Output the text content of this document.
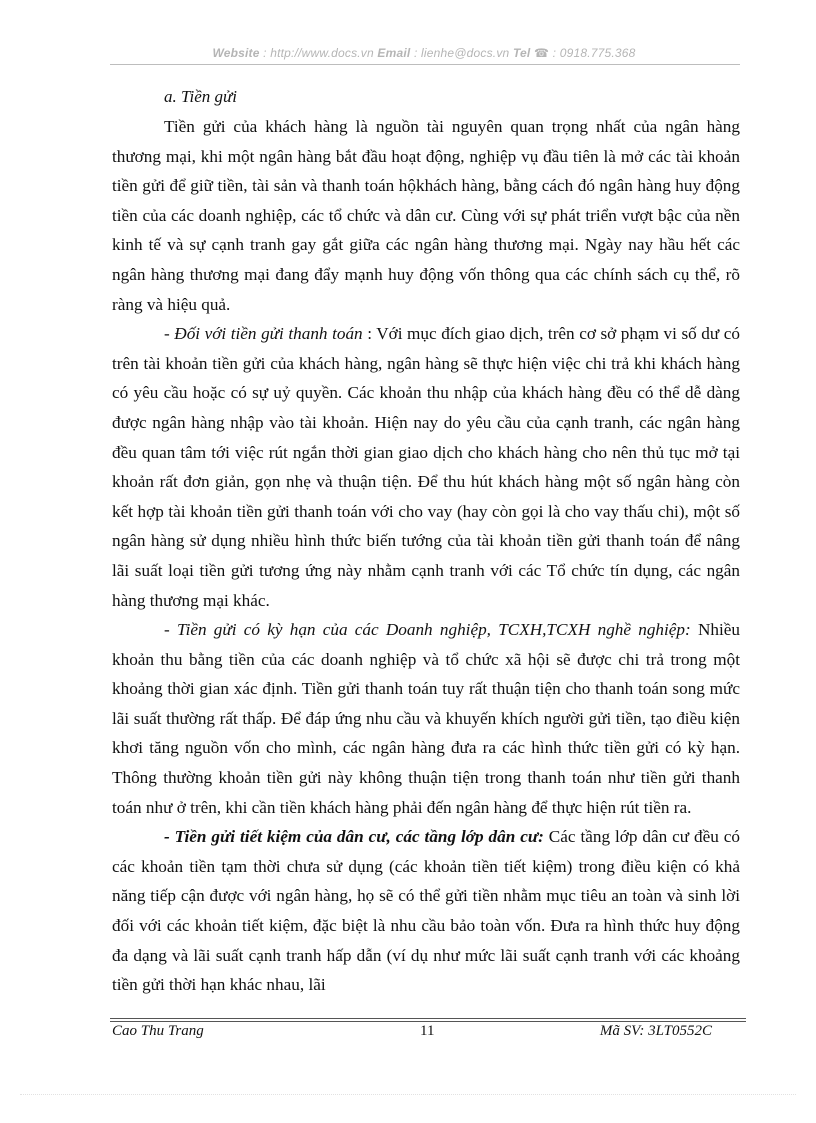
Website : http://www.docs.vn Email : lienhe@docs.vn Tel ☎ : 0918.775.368
a. Tiền gửi

Tiền gửi của khách hàng là nguồn tài nguyên quan trọng nhất của ngân hàng thương mại, khi một ngân hàng bắt đầu hoạt động, nghiệp vụ đầu tiên là mở các tài khoản tiền gửi để giữ tiền, tài sản và thanh toán hộkhách hàng, bằng cách đó ngân hàng huy động tiền của các doanh nghiệp, các tổ chức và dân cư. Cùng với sự phát triển vượt bậc của nền kinh tế và sự cạnh tranh gay gắt giữa các ngân hàng thương mại. Ngày nay hầu hết các ngân hàng thương mại đang đẩy mạnh huy động vốn thông qua các chính sách cụ thể, rõ ràng và hiệu quả.

- Đối với tiền gửi thanh toán : Với mục đích giao dịch, trên cơ sở phạm vi số dư có trên tài khoản tiền gửi của khách hàng, ngân hàng sẽ thực hiện việc chi trả khi khách hàng có yêu cầu hoặc có sự uỷ quyền. Các khoản thu nhập của khách hàng đều có thể dễ dàng được ngân hàng nhập vào tài khoản. Hiện nay do yêu cầu của cạnh tranh, các ngân hàng đều quan tâm tới việc rút ngắn thời gian giao dịch cho khách hàng cho nên thủ tục mở tại khoản rất đơn giản, gọn nhẹ và thuận tiện. Để thu hút khách hàng một số ngân hàng còn kết hợp tài khoản tiền gửi thanh toán với cho vay (hay còn gọi là cho vay thấu chi), một số ngân hàng sử dụng nhiều hình thức biến tướng của tài khoản tiền gửi thanh toán để nâng lãi suất loại tiền gửi tương ứng này nhằm cạnh tranh với các Tổ chức tín dụng, các ngân hàng thương mại khác.

- Tiền gửi có kỳ hạn của các Doanh nghiệp, TCXH,TCXH nghề nghiệp: Nhiều khoản thu bằng tiền của các doanh nghiệp và tổ chức xã hội sẽ được chi trả trong một khoảng thời gian xác định. Tiền gửi thanh toán tuy rất thuận tiện cho thanh toán song mức lãi suất thường rất thấp. Để đáp ứng nhu cầu và khuyến khích người gửi tiền, tạo điều kiện khơi tăng nguồn vốn cho mình, các ngân hàng đưa ra các hình thức tiền gửi có kỳ hạn. Thông thường khoản tiền gửi này không thuận tiện trong thanh toán như tiền gửi thanh toán như ở trên, khi cần tiền khách hàng phải đến ngân hàng để thực hiện rút tiền ra.

- Tiền gửi tiết kiệm của dân cư, các tầng lớp dân cư: Các tầng lớp dân cư đều có các khoản tiền tạm thời chưa sử dụng (các khoản tiền tiết kiệm) trong điều kiện có khả năng tiếp cận được với ngân hàng, họ sẽ có thể gửi tiền nhằm mục tiêu an toàn và sinh lời đối với các khoản tiết kiệm, đặc biệt là nhu cầu bảo toàn vốn. Đưa ra hình thức huy động đa dạng và lãi suất cạnh tranh hấp dẫn (ví dụ như mức lãi suất cạnh tranh với các khoảng tiền gửi thời hạn khác nhau, lãi

Cao Thu Trang	11	Mã SV: 3LT0552C
